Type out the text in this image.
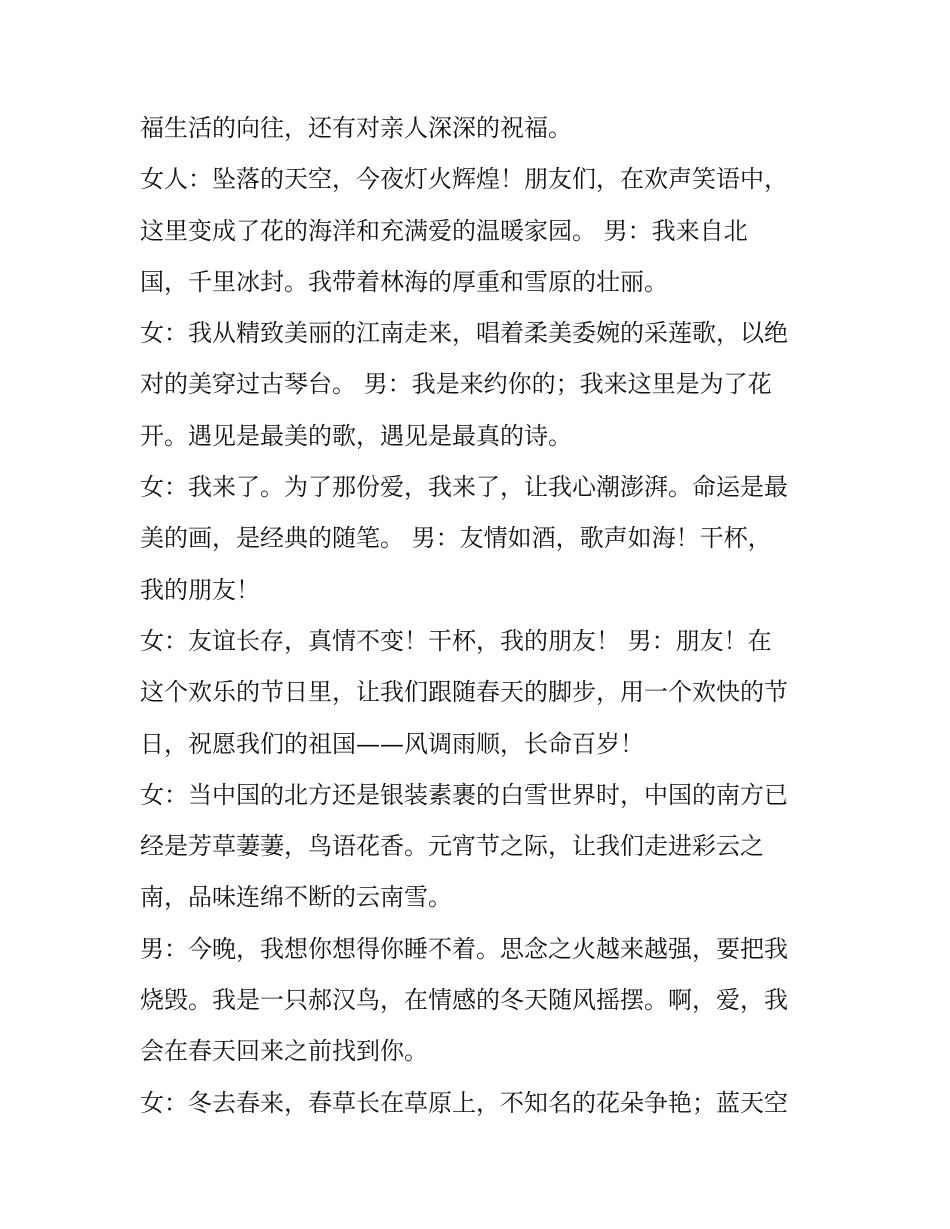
福生活的向往，还有对亲人深深的祝福。
女人：坠落的天空，今夜灯火辉煌！朋友们，在欢声笑语中，
这里变成了花的海洋和充满爱的温暖家园。 男：我来自北
国，千里冰封。我带着林海的厚重和雪原的壮丽。
女：我从精致美丽的江南走来，唱着柔美委婉的采莲歌，以绝
对的美穿过古琴台。 男：我是来约你的；我来这里是为了花
开。遇见是最美的歌，遇见是最真的诗。
女：我来了。为了那份爱，我来了，让我心潮澎湃。命运是最
美的画，是经典的随笔。 男：友情如酒，歌声如海！干杯，
我的朋友！
女：友谊长存，真情不变！干杯，我的朋友！ 男：朋友！在
这个欢乐的节日里，让我们跟随春天的脚步，用一个欢快的节
日，祝愿我们的祖国——风调雨顺，长命百岁！
女：当中国的北方还是银装素裹的白雪世界时，中国的南方已
经是芳草萋萋，鸟语花香。元宵节之际，让我们走进彩云之
南，品味连绵不断的云南雪。
男：今晚，我想你想得你睡不着。思念之火越来越强，要把我
烧毁。我是一只郝汉鸟，在情感的冬天随风摇摆。啊，爱，我
会在春天回来之前找到你。
女：冬去春来，春草长在草原上，不知名的花朵争艳；蓝天空
